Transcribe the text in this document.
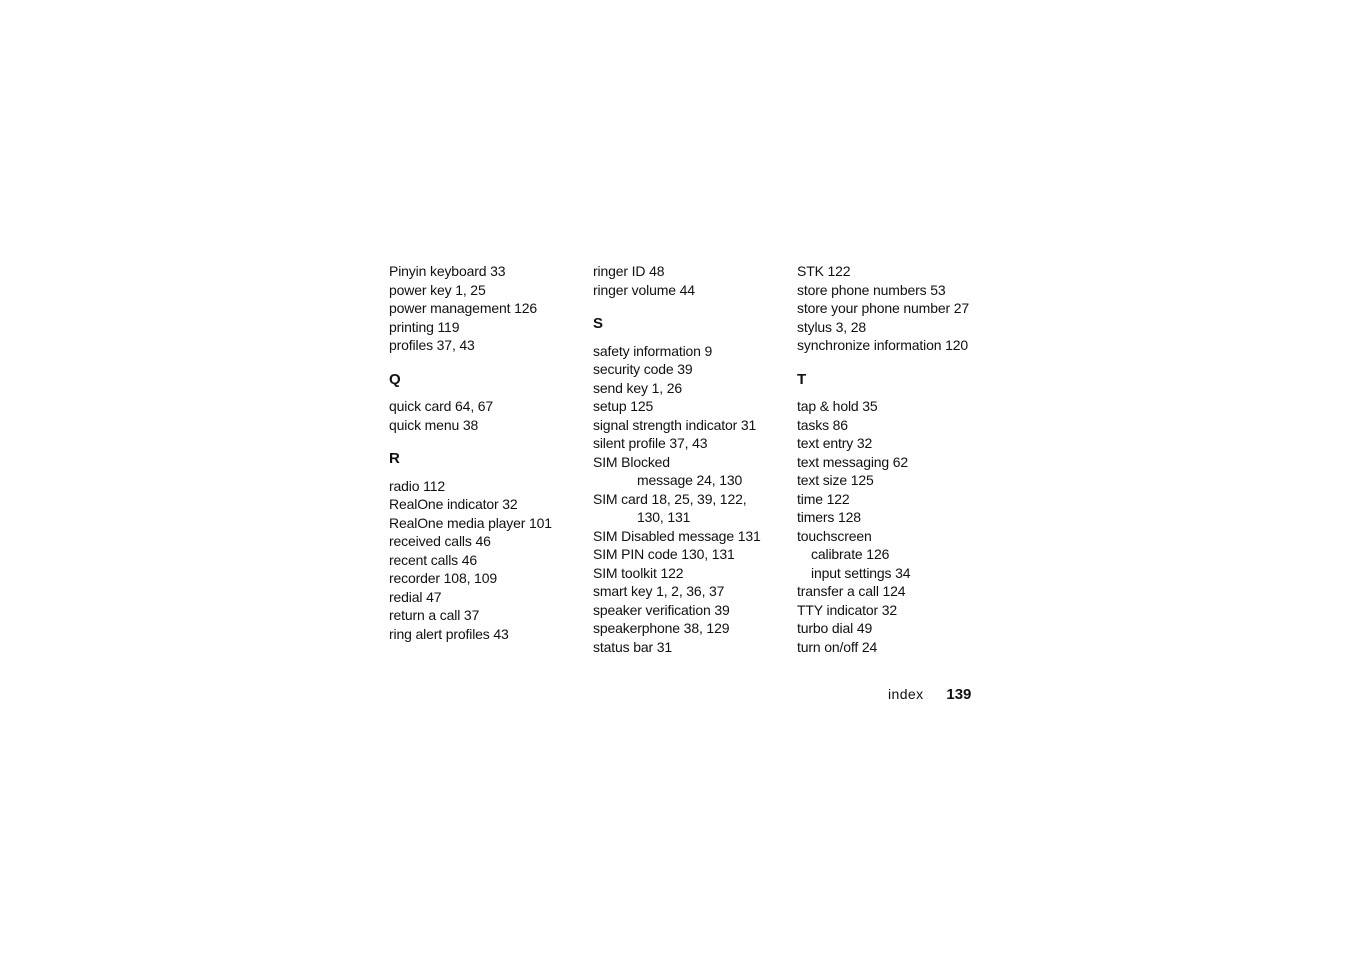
Pinyin keyboard 33
power key 1, 25
power management 126
printing 119
profiles 37, 43
Q
quick card 64, 67
quick menu 38
R
radio 112
RealOne indicator 32
RealOne media player 101
received calls 46
recent calls 46
recorder 108, 109
redial 47
return a call 37
ring alert profiles 43
ringer ID 48
ringer volume 44
S
safety information 9
security code 39
send key 1, 26
setup 125
signal strength indicator 31
silent profile 37, 43
SIM Blocked
message 24, 130
SIM card 18, 25, 39, 122,
130, 131
SIM Disabled message 131
SIM PIN code 130, 131
SIM toolkit 122
smart key 1, 2, 36, 37
speaker verification 39
speakerphone 38, 129
status bar 31
STK 122
store phone numbers 53
store your phone number 27
stylus 3, 28
synchronize information 120
T
tap & hold 35
tasks 86
text entry 32
text messaging 62
text size 125
time 122
timers 128
touchscreen
calibrate 126
input settings 34
transfer a call 124
TTY indicator 32
turbo dial 49
turn on/off 24
index 139
